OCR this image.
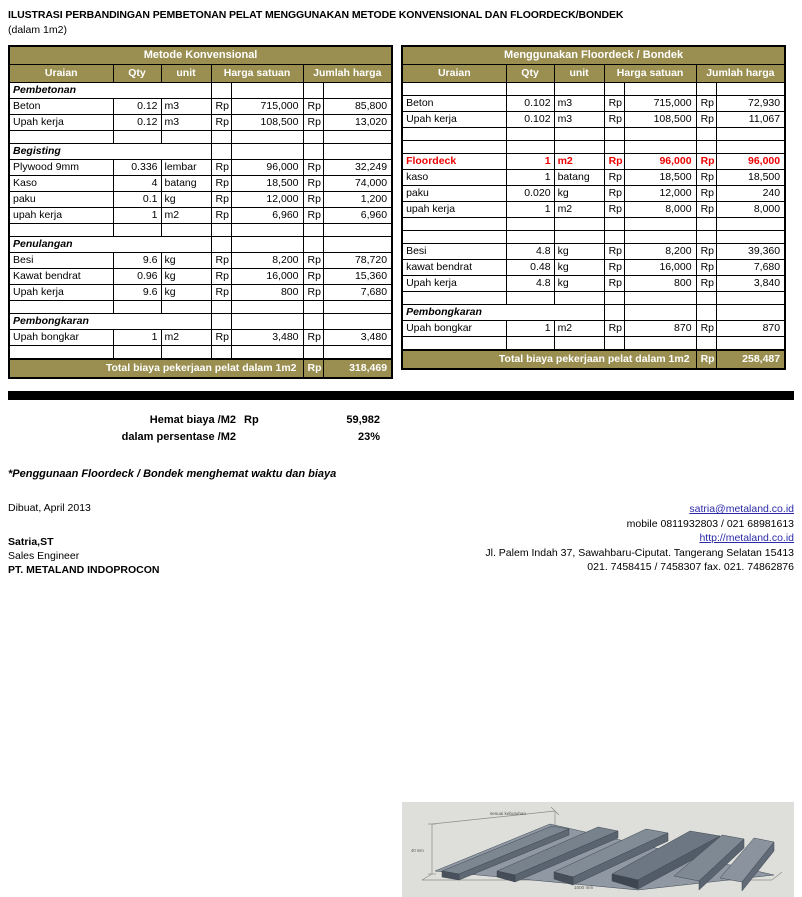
ILUSTRASI PERBANDINGAN PEMBETONAN PELAT MENGGUNAKAN METODE KONVENSIONAL DAN FLOORDECK/BONDEK
(dalam 1m2)
Metode Konvensional						
Uraian	Qty	unit	Harga satuan		Jumlah harga	
Pembetonan						
Beton	0.12	m3	Rp	715,000	Rp	85,800
Upah kerja	0.12	m3	Rp	108,500	Rp	13,020

Begisting						
Plywood 9mm	0.336	lembar	Rp	96,000	Rp	32,249
Kaso	4	batang	Rp	18,500	Rp	74,000
paku	0.1	kg	Rp	12,000	Rp	1,200
upah kerja	1	m2	Rp	6,960	Rp	6,960

Penulangan						
Besi	9.6	kg	Rp	8,200	Rp	78,720
Kawat bendrat	0.96	kg	Rp	16,000	Rp	15,360
Upah kerja	9.6	kg	Rp	800	Rp	7,680

Pembongkaran						
Upah bongkar	1	m2	Rp	3,480	Rp	3,480

Total biaya pekerjaan pelat dalam 1m2					Rp	318,469
Menggunakan Floordeck / Bondek						
Uraian	Qty	unit	Harga satuan		Jumlah harga	

Beton	0.102	m3	Rp	715,000	Rp	72,930
Upah kerja	0.102	m3	Rp	108,500	Rp	11,067

Floordeck	1	m2	Rp	96,000	Rp	96,000
kaso	1	batang	Rp	18,500	Rp	18,500
paku	0.020	kg	Rp	12,000	Rp	240
upah kerja	1	m2	Rp	8,000	Rp	8,000

Besi	4.8	kg	Rp	8,200	Rp	39,360
kawat bendrat	0.48	kg	Rp	16,000	Rp	7,680
Upah kerja	4.8	kg	Rp	800	Rp	3,840

Pembongkaran						
Upah bongkar	1	m2	Rp	870	Rp	870

Total biaya pekerjaan pelat dalam 1m2					Rp	258,487
Hemat biaya /M2 Rp	59,982
dalam persentase /M2
	23%
*Penggunaan Floordeck / Bondek menghemat waktu dan biaya
Dibuat, April 2013
Satria,ST
Sales Engineer
PT. METALAND INDOPROCON
satria@metaland.co.id
mobile 0811932803 / 021 68981613
http://metaland.co.id
Jl. Palem Indah 37, Sawahbaru-Ciputat. Tangerang Selatan 15413
021. 7458415 / 7458307 fax. 021. 74862876
sesuai kebutuhan
1000 mm
40 mm
